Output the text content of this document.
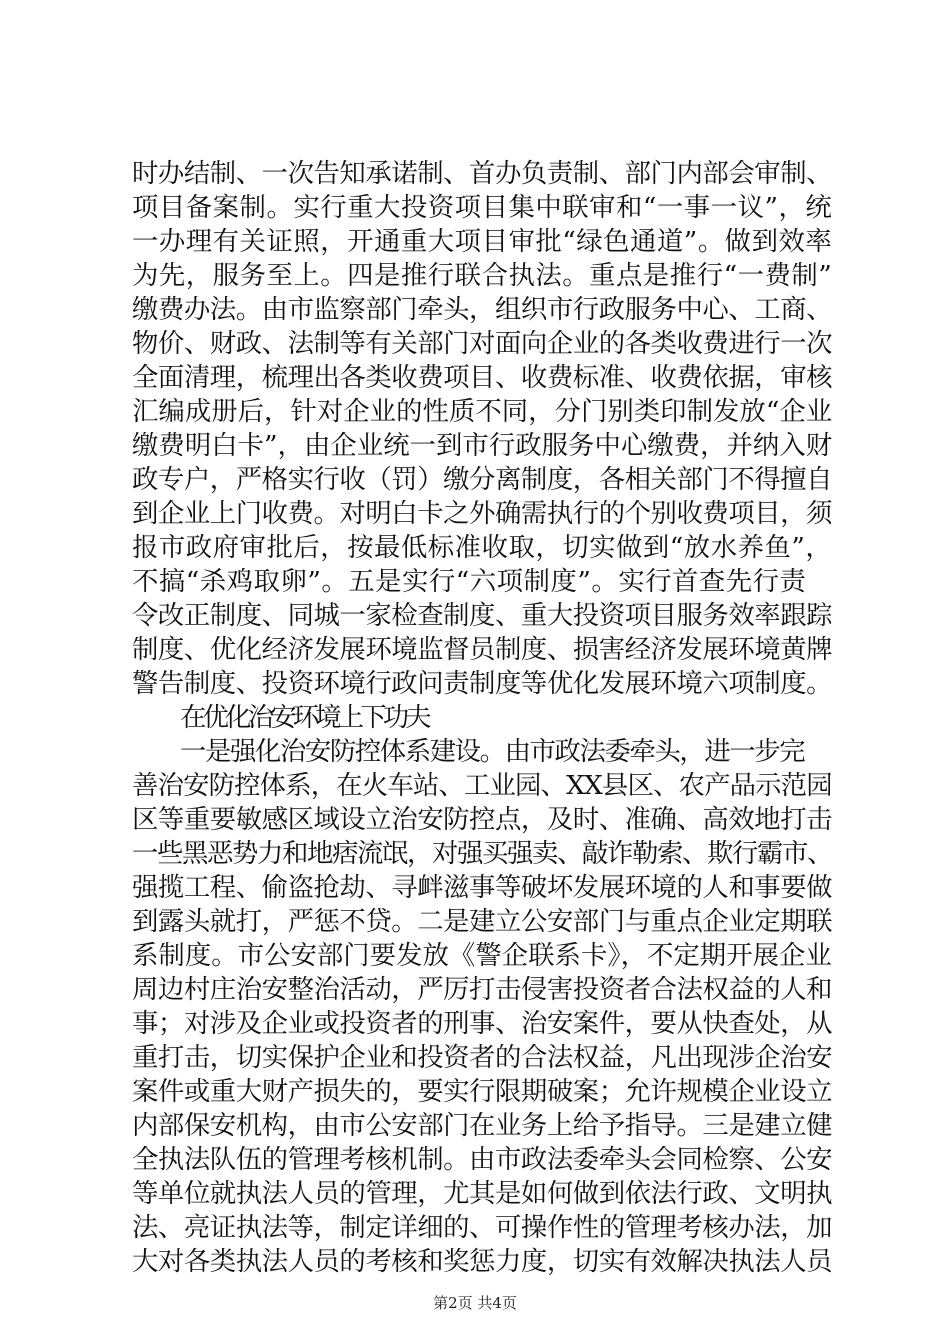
时办结制、一次告知承诺制、首办负责制、部门内部会审制、
项目备案制。实行重大投资项目集中联审和“一事一议”，统
一办理有关证照，开通重大项目审批“绿色通道”。做到效率
为先，服务至上。四是推行联合执法。重点是推行“一费制”
缴费办法。由市监察部门牵头，组织市行政服务中心、工商、
物价、财政、法制等有关部门对面向企业的各类收费进行一次
全面清理，梳理出各类收费项目、收费标准、收费依据，审核
汇编成册后，针对企业的性质不同，分门别类印制发放“企业
缴费明白卡”，由企业统一到市行政服务中心缴费，并纳入财
政专户，严格实行收（罚）缴分离制度，各相关部门不得擅自
到企业上门收费。对明白卡之外确需执行的个别收费项目，须
报市政府审批后，按最低标准收取，切实做到“放水养鱼”，
不搞“杀鸡取卵”。五是实行“六项制度”。实行首查先行责
令改正制度、同城一家检查制度、重大投资项目服务效率跟踪
制度、优化经济发展环境监督员制度、损害经济发展环境黄牌
警告制度、投资环境行政问责制度等优化发展环境六项制度。
在优化治安环境上下功夫
一是强化治安防控体系建设。由市政法委牵头，进一步完
善治安防控体系，在火车站、工业园、XX县区、农产品示范园
区等重要敏感区域设立治安防控点，及时、准确、高效地打击
一些黑恶势力和地痞流氓，对强买强卖、敲诈勒索、欺行霸市、
强揽工程、偷盗抢劫、寻衅滋事等破坏发展环境的人和事要做
到露头就打，严惩不贷。二是建立公安部门与重点企业定期联
系制度。市公安部门要发放《警企联系卡》，不定期开展企业
周边村庄治安整治活动，严厉打击侵害投资者合法权益的人和
事；对涉及企业或投资者的刑事、治安案件，要从快查处，从
重打击，切实保护企业和投资者的合法权益，凡出现涉企治安
案件或重大财产损失的，要实行限期破案；允许规模企业设立
内部保安机构，由市公安部门在业务上给予指导。三是建立健
全执法队伍的管理考核机制。由市政法委牵头会同检察、公安
等单位就执法人员的管理，尤其是如何做到依法行政、文明执
法、亮证执法等，制定详细的、可操作性的管理考核办法，加
大对各类执法人员的考核和奖惩力度，切实有效解决执法人员
第2页 共4页
